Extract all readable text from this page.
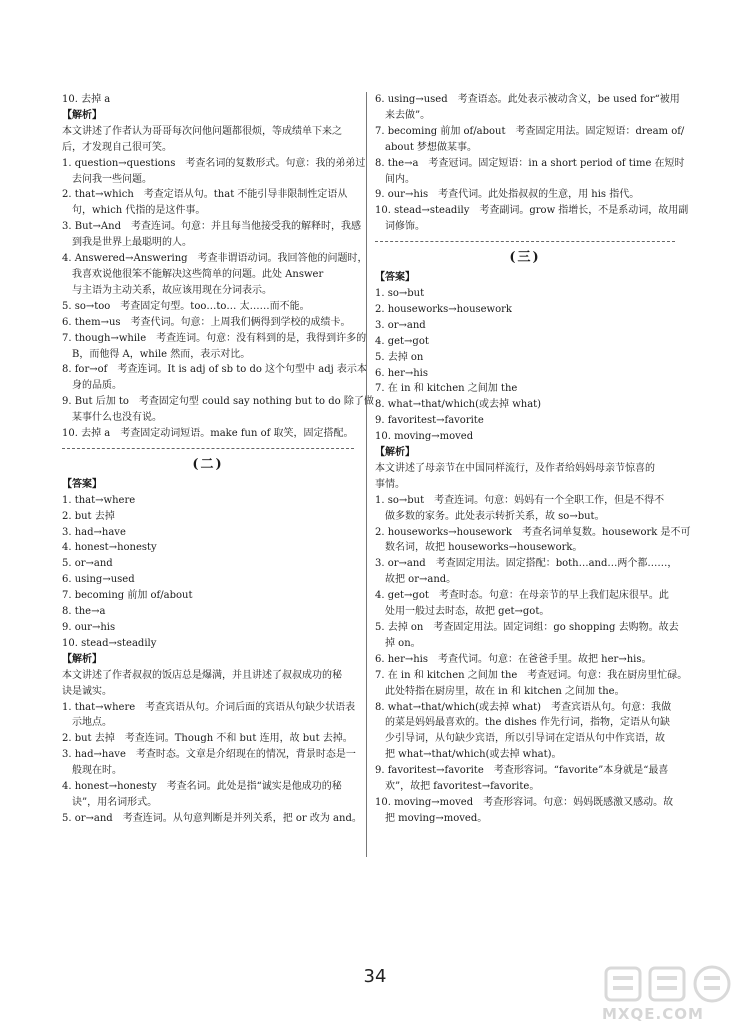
10. 去掉 a
【解析】
本文讲述了作者认为哥哥每次问他问题都很烦，等成绩单下来之
后，才发现自己很可笑。
1. question→questions　考查名词的复数形式。句意：我的弟弟过
去问我一些问题。
2. that→which　考查定语从句。that 不能引导非限制性定语从
句，which 代指的是这件事。
3. But→And　考查连词。句意：并且每当他接受我的解释时，我感
到我是世界上最聪明的人。
4. Answered→Answering　考查非谓语动词。我回答他的问题时，
我喜欢说他很笨不能解决这些简单的问题。此处 Answer
与主语为主动关系，故应该用现在分词表示。
5. so→too　考查固定句型。too…to… 太……而不能。
6. them→us　考查代词。句意：上周我们俩得到学校的成绩卡。
7. though→while　考查连词。句意：没有料到的是，我得到许多的
B，而他得 A，while 然而，表示对比。
8. for→of　考查连词。It is adj of sb to do 这个句型中 adj 表示本
身的品质。
9. But 后加 to　考查固定句型 could say nothing but to do 除了做
某事什么也没有说。
10. 去掉 a　考查固定动词短语。make fun of 取笑，固定搭配。
(二)
【答案】
1. that→where
2. but 去掉
3. had→have
4. honest→honesty
5. or→and
6. using→used
7. becoming 前加 of/about
8. the→a
9. our→his
10. stead→steadily
【解析】
本文讲述了作者叔叔的饭店总是爆满，并且讲述了叔叔成功的秘
诀是诚实。
1. that→where　考查宾语从句。介词后面的宾语从句缺少状语表
示地点。
2. but 去掉　考查连词。Though 不和 but 连用，故 but 去掉。
3. had→have　考查时态。文章是介绍现在的情况，背景时态是一
般现在时。
4. honest→honesty　考查名词。此处是指“诚实是他成功的秘
诀”，用名词形式。
5. or→and　考查连词。从句意判断是并列关系，把 or 改为 and。
6. using→used　考查语态。此处表示被动含义，be used for“被用
来去做”。
7. becoming 前加 of/about　考查固定用法。固定短语：dream of/
about 梦想做某事。
8. the→a　考查冠词。固定短语：in a short period of time 在短时
间内。
9. our→his　考查代词。此处指叔叔的生意，用 his 指代。
10. stead→steadily　考查副词。grow 指增长，不是系动词，故用副
词修饰。
(三)
【答案】
1. so→but
2. houseworks→housework
3. or→and
4. get→got
5. 去掉 on
6. her→his
7. 在 in 和 kitchen 之间加 the
8. what→that/which(或去掉 what)
9. favoritest→favorite
10. moving→moved
【解析】
本文讲述了母亲节在中国同样流行，及作者给妈妈母亲节惊喜的
事情。
1. so→but　考查连词。句意：妈妈有一个全职工作，但是不得不
做多数的家务。此处表示转折关系，故 so→but。
2. houseworks→housework　考查名词单复数。housework 是不可
数名词，故把 houseworks→housework。
3. or→and　考查固定用法。固定搭配：both…and…两个都……，
故把 or→and。
4. get→got　考查时态。句意：在母亲节的早上我们起床很早。此
处用一般过去时态，故把 get→got。
5. 去掉 on　考查固定用法。固定词组：go shopping 去购物。故去
掉 on。
6. her→his　考查代词。句意：在爸爸手里。故把 her→his。
7. 在 in 和 kitchen 之间加 the　考查冠词。句意：我在厨房里忙碌。
此处特指在厨房里，故在 in 和 kitchen 之间加 the。
8. what→that/which(或去掉 what)　考查宾语从句。句意：我做
的菜是妈妈最喜欢的。the dishes 作先行词，指物，定语从句缺
少引导词，从句缺少宾语，所以引导词在定语从句中作宾语，故
把 what→that/which(或去掉 what)。
9. favoritest→favorite　考查形容词。“favorite”本身就是“最喜
欢”，故把 favoritest→favorite。
10. moving→moved　考查形容词。句意：妈妈既感激又感动。故
把 moving→moved。
34
MXQE.COM
